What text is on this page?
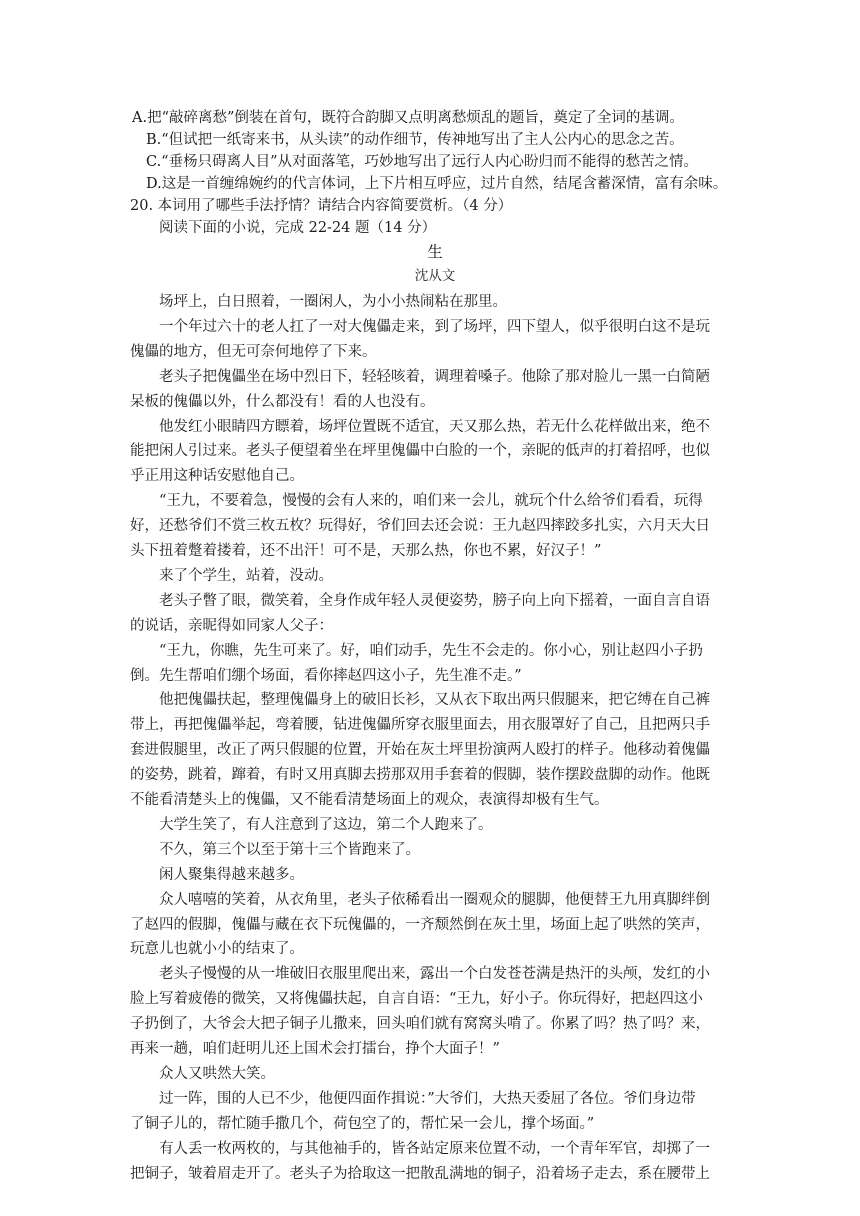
A.把“敲碎离愁”倒装在首句，既符合韵脚又点明离愁烦乱的题旨，奠定了全词的基调。
B.“但试把一纸寄来书，从头读”的动作细节，传神地写出了主人公内心的思念之苦。
C.“垂杨只碍离人目”从对面落笔，巧妙地写出了远行人内心盼归而不能得的愁苦之情。
D.这是一首缠绵婉约的代言体词，上下片相互呼应，过片自然，结尾含蓄深情，富有余味。
20. 本词用了哪些手法抒情？请结合内容简要赏析。（4 分）
阅读下面的小说，完成 22-24 题（14 分）
生
沈从文
场坪上，白日照着，一圈闲人，为小小热闹粘在那里。
一个年过六十的老人扛了一对大傀儡走来，到了场坪，四下望人，似乎很明白这不是玩
傀儡的地方，但无可奈何地停了下来。
老头子把傀儡坐在场中烈日下，轻轻咳着，调理着嗓子。他除了那对脸儿一黑一白简陋
呆板的傀儡以外，什么都没有！看的人也没有。
他发红小眼睛四方瞟着，场坪位置既不适宜，天又那么热，若无什么花样做出来，绝不
能把闲人引过来。老头子便望着坐在坪里傀儡中白脸的一个，亲昵的低声的打着招呼，也似
乎正用这种话安慰他自己。
“王九，不要着急，慢慢的会有人来的，咱们来一会儿，就玩个什么给爷们看看，玩得
好，还愁爷们不赏三枚五枚？玩得好，爷们回去还会说：王九赵四摔跤多扎实，六月天大日
头下扭着蹩着搂着，还不出汗！可不是，天那么热，你也不累，好汉子！”
来了个学生，站着，没动。
老头子瞥了眼，微笑着，全身作成年轻人灵便姿势，膀子向上向下摇着，一面自言自语
的说话，亲昵得如同家人父子：
“王九，你瞧，先生可来了。好，咱们动手，先生不会走的。你小心，别让赵四小子扔
倒。先生帮咱们绷个场面，看你摔赵四这小子，先生准不走。”
他把傀儡扶起，整理傀儡身上的破旧长衫，又从衣下取出两只假腿来，把它缚在自己裤
带上，再把傀儡举起，弯着腰，钻进傀儡所穿衣服里面去，用衣服罩好了自己，且把两只手
套进假腿里，改正了两只假腿的位置，开始在灰土坪里扮演两人殴打的样子。他移动着傀儡
的姿势，跳着，蹿着，有时又用真脚去捞那双用手套着的假脚，装作摆跤盘脚的动作。他既
不能看清楚头上的傀儡，又不能看清楚场面上的观众，表演得却极有生气。
大学生笑了，有人注意到了这边，第二个人跑来了。
不久，第三个以至于第十三个皆跑来了。
闲人聚集得越来越多。
众人嘻嘻的笑着，从衣角里，老头子依稀看出一圈观众的腿脚，他便替王九用真脚绊倒
了赵四的假脚，傀儡与藏在衣下玩傀儡的，一齐颓然倒在灰土里，场面上起了哄然的笑声，
玩意儿也就小小的结束了。
老头子慢慢的从一堆破旧衣服里爬出来，露出一个白发苍苍满是热汗的头颅，发红的小
脸上写着疲倦的微笑，又将傀儡扶起，自言自语：“王九，好小子。你玩得好，把赵四这小
子扔倒了，大爷会大把子铜子儿撒来，回头咱们就有窝窝头啃了。你累了吗？热了吗？来，
再来一趟，咱们赶明儿还上国术会打擂台，挣个大面子！”
众人又哄然大笑。
过一阵，围的人已不少，他便四面作揖说：”大爷们，大热天委屈了各位。爷们身边带
了铜子儿的，帮忙随手撒几个，荷包空了的，帮忙呆一会儿，撑个场面。”
有人丢一枚两枚的，与其他袖手的，皆各站定原来位置不动，一个青年军官，却掷了一
把铜子，皱着眉走开了。老头子为拾取这一把散乱满地的铜子，沿着场子走去，系在腰带上
